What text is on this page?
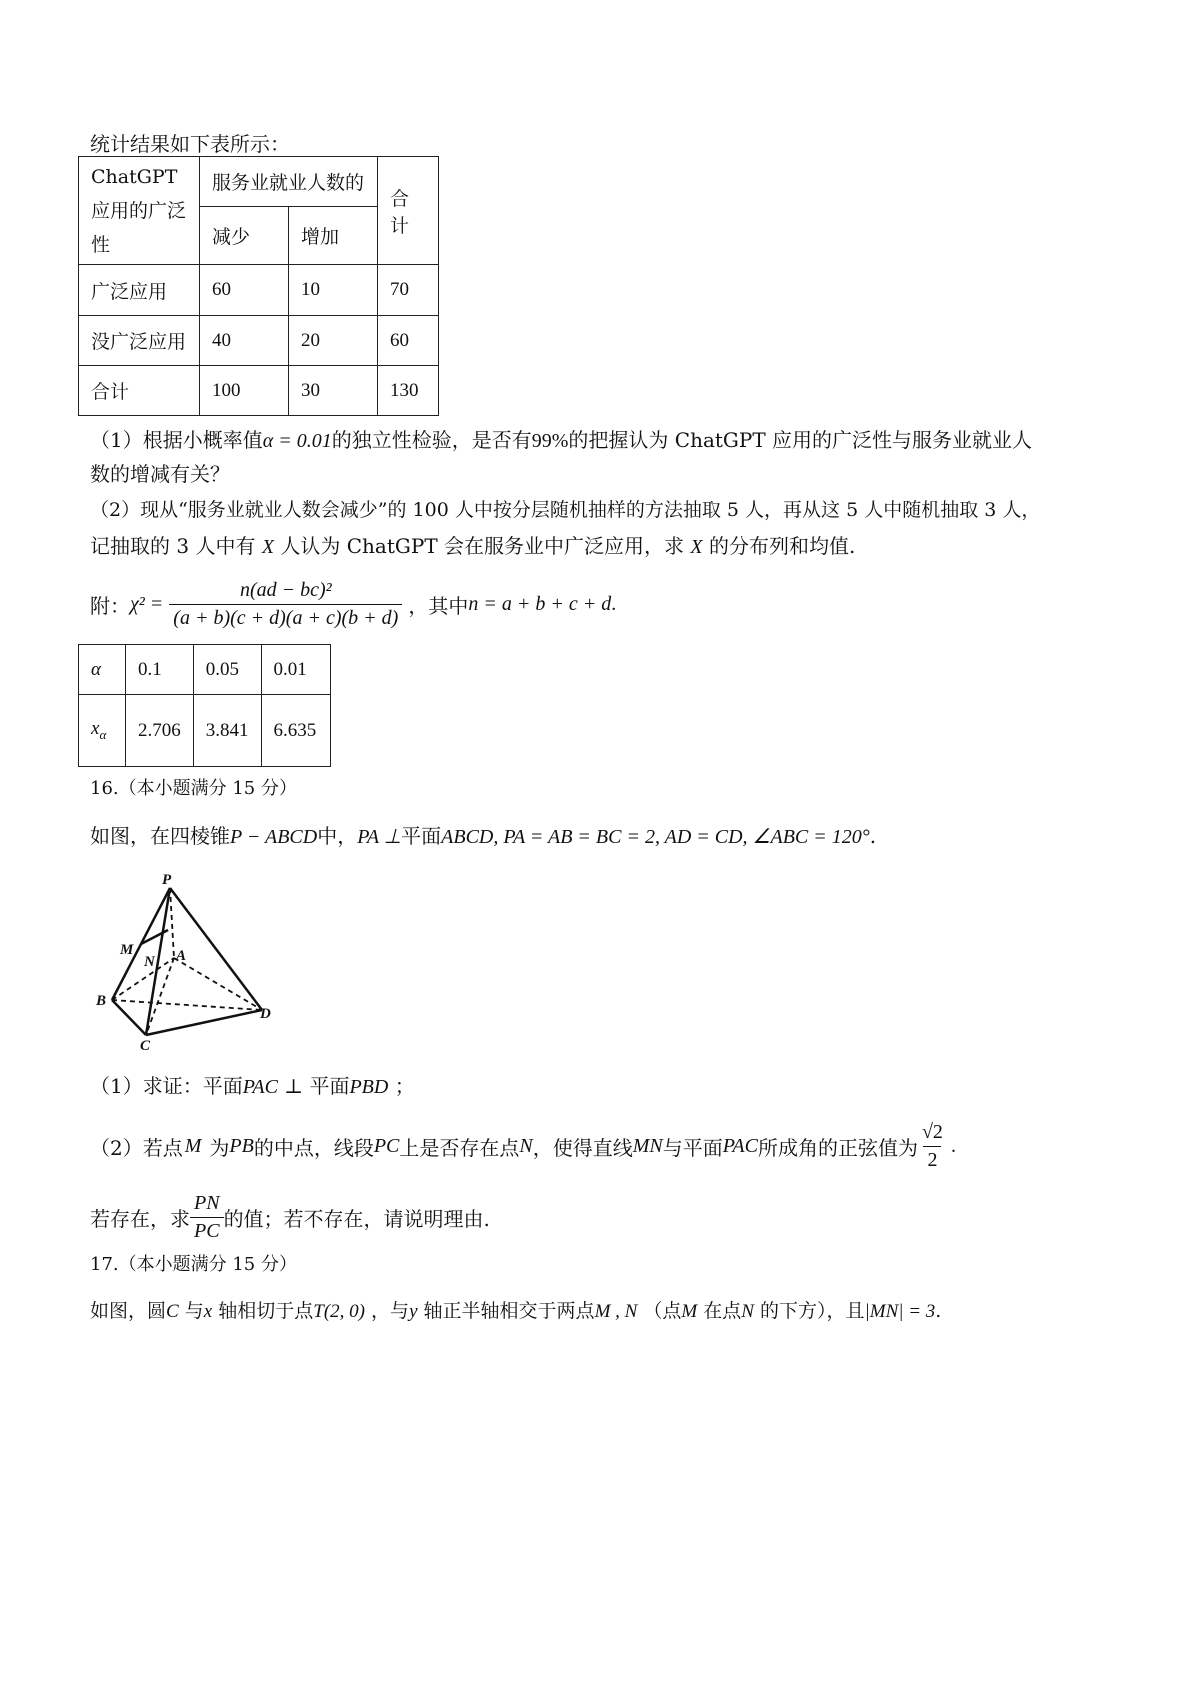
统计结果如下表所示：
ChatGPT 应用的广泛性	服务业就业人数的		合计
	减少	增加	
广泛应用	60	10	70
没广泛应用	40	20	60
合计	100	30	130
（1）根据小概率值α = 0.01的独立性检验，是否有99%的把握认为 ChatGPT 应用的广泛性与服务业就业人
数的增减有关？
（2）现从“服务业就业人数会减少”的 100 人中按分层随机抽样的方法抽取 5 人，再从这 5 人中随机抽取 3 人，
记抽取的 3 人中有 X 人认为 ChatGPT 会在服务业中广泛应用，求 X 的分布列和均值.
附： $\chi^2 = \frac{\text{n(ad − bc)²}}{(a + b)(c + d)(a + c)(b + d)}$ ，其中 n = a + b + c + d .
α	0.1	0.05	0.01
$x_\alpha$	2.706	3.841	6.635
16.（本小题满分 15 分）
如图，在四棱锥P − ABCD中，PA ⊥平面ABCD, PA = AB = BC = 2, AD = CD, ∠ABC = 120°.
P
M
N A
B
C
D
（1）求证：平面PAC ⊥ 平面PBD ；
（2）若点 M 为 PB 的中点，线段 PC 上是否存在点 N ，使得直线 MN 与平面 PAC 所成角的正弦值为 $\frac{√2}{2}$ .
若存在，求 $\frac{PN}{PC}$ 的值；若不存在，请说明理由.
17.（本小题满分 15 分）
如图，圆C 与x 轴相切于点T(2, 0) ，与y 轴正半轴相交于两点M , N （点M 在点N 的下方），且|MN| = 3.
